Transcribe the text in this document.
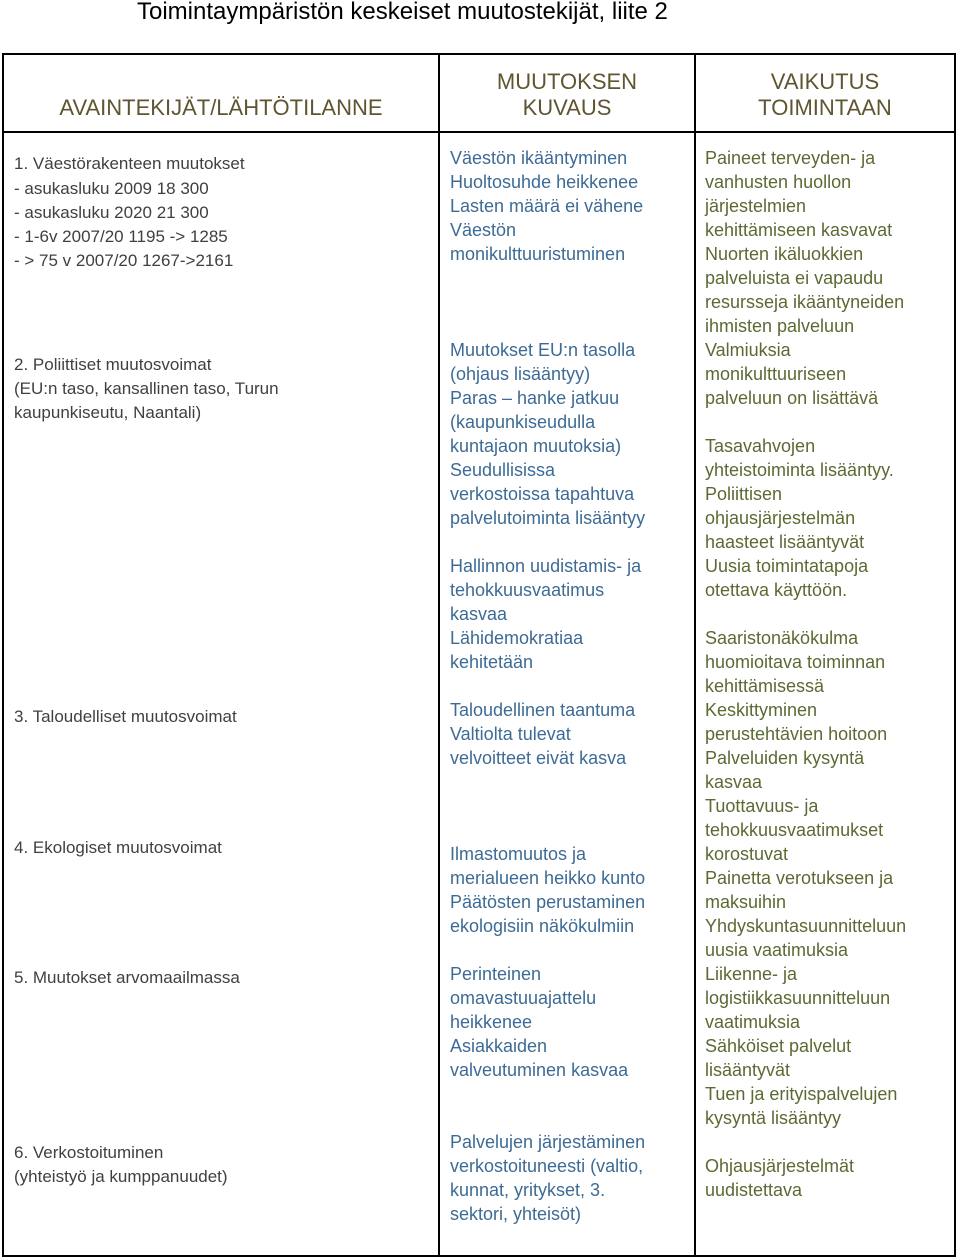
Toimintaympäristön keskeiset muutostekijät, liite 2
AVAINTEKIJÄT/LÄHTÖTILANNE
MUUTOKSEN
KUVAUS
VAIKUTUS
TOIMINTAAN
1. Väestörakenteen muutokset
- asukasluku 2009 18 300
- asukasluku 2020 21 300
- 1-6v 2007/20 1195 -> 1285
- > 75 v 2007/20 1267->2161
2. Poliittiset muutosvoimat
(EU:n taso, kansallinen taso, Turun
kaupunkiseutu, Naantali)
3. Taloudelliset muutosvoimat
4. Ekologiset muutosvoimat
5. Muutokset arvomaailmassa
6. Verkostoituminen
(yhteistyö ja kumppanuudet)
Väestön ikääntyminen
Huoltosuhde heikkenee
Lasten määrä ei vähene
Väestön
monikulttuuristuminen
Muutokset EU:n tasolla
(ohjaus lisääntyy)
Paras – hanke jatkuu
(kaupunkiseudulla
kuntajaon muutoksia)
Seudullisissa
verkostoissa tapahtuva
palvelutoiminta lisääntyy
Hallinnon uudistamis- ja
tehokkuusvaatimus
kasvaa
Lähidemokratiaa
kehitetään
Taloudellinen taantuma
Valtiolta tulevat
velvoitteet eivät kasva
Ilmastomuutos ja
merialueen heikko kunto
Päätösten perustaminen
ekologisiin näkökulmiin
Perinteinen
omavastuuajattelu
heikkenee
Asiakkaiden
valveutuminen kasvaa
Palvelujen järjestäminen
verkostoituneesti (valtio,
kunnat, yritykset, 3.
sektori, yhteisöt)
Paineet terveyden- ja
vanhusten huollon
järjestelmien
kehittämiseen kasvavat
Nuorten ikäluokkien
palveluista ei vapaudu
resursseja ikääntyneiden
ihmisten palveluun
Valmiuksia
monikulttuuriseen
palveluun on lisättävä
Tasavahvojen
yhteistoiminta lisääntyy.
Poliittisen
ohjausjärjestelmän
haasteet lisääntyvät
Uusia toimintatapoja
otettava käyttöön.
Saaristonäkökulma
huomioitava toiminnan
kehittämisessä
Keskittyminen
perustehtävien hoitoon
Palveluiden kysyntä
kasvaa
Tuottavuus- ja
tehokkuusvaatimukset
korostuvat
Painetta verotukseen ja
maksuihin
Yhdyskuntasuunnitteluun
uusia vaatimuksia
Liikenne- ja
logistiikkasuunnitteluun
vaatimuksia
Sähköiset palvelut
lisääntyvät
Tuen ja erityispalvelujen
kysyntä lisääntyy
Ohjausjärjestelmät
uudistettava
